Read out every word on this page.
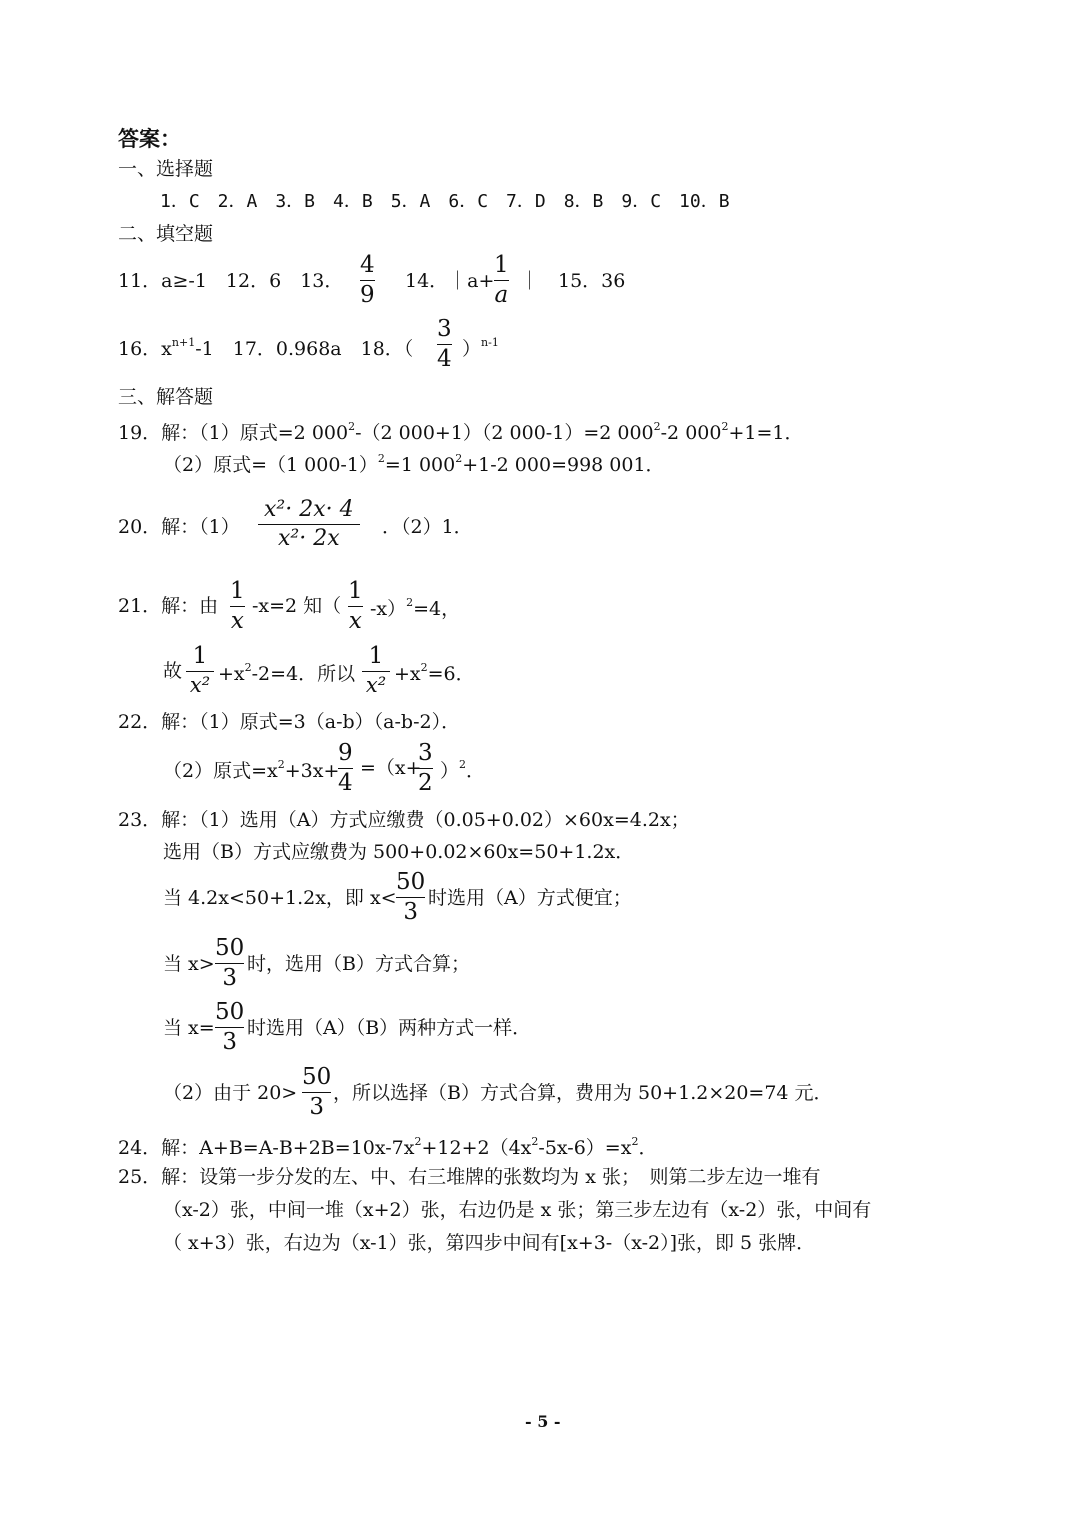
答案：
一、选择题
1．C　2．A　3．B　4．B　5．A　6．C　7．D　8．B　9．C　10．B
二、填空题
11．a≥-1　12．6　13．
4
9
14．｜a+
1
a
｜　15．36
16．$x^{n+1}-1$　17．0.968a　18．（
3
4 ）$^{n-1}$
三、解答题
19．解：（1）原式=2 $000^2-(2$ 000+1）（2 000-1）=2 $000^2-2$ $000^2+1=1$．
（2）原式=（1 000-1）$^2$=1 $000^2+1-2$ 000=998 001．
20．解：（1）
x²· 2x· 4
x²· 2x ．（2）1．
21．解：由
1
x
-x=2 知（
1
x -x）$^2$=4，
故
1
$x^2 +x^2-2=4$．所以
1
$x^2 +x^2=6$．
22．解：（1）原式=3（a-b）（a-b-2）．
（2）原式$=x^2+3x+$
9
4
=（x+
3
2 ）$^2$．
23．解：（1）选用（A）方式应缴费（0.05+0.02）×60x=4.2x；
选用（B）方式应缴费为 500+0.02×60x=50+1.2x．
当 4.2x<50+1.2x，即 x<
50
3
时选用（A）方式便宜；
当 x>
50
3
时，选用（B）方式合算；
当 x=
50
3
时选用（A）（B）两种方式一样．
（2）由于 20>
50
3
，所以选择（B）方式合算，费用为 50+1.2×20=74 元．
24．解：$A+B=A-B+2B=10x-7x^2+12+2(4x^2-5x-6)=x^2$．
25．解：设第一步分发的左、中、右三堆牌的张数均为 x 张；　则第二步左边一堆有
（x-2）张，中间一堆（x+2）张，右边仍是 x 张；第三步左边有（x-2）张，中间有
（ x+3）张，右边为（x-1）张，第四步中间有[x+3-（x-2）]张，即 5 张牌．
- 5 -
